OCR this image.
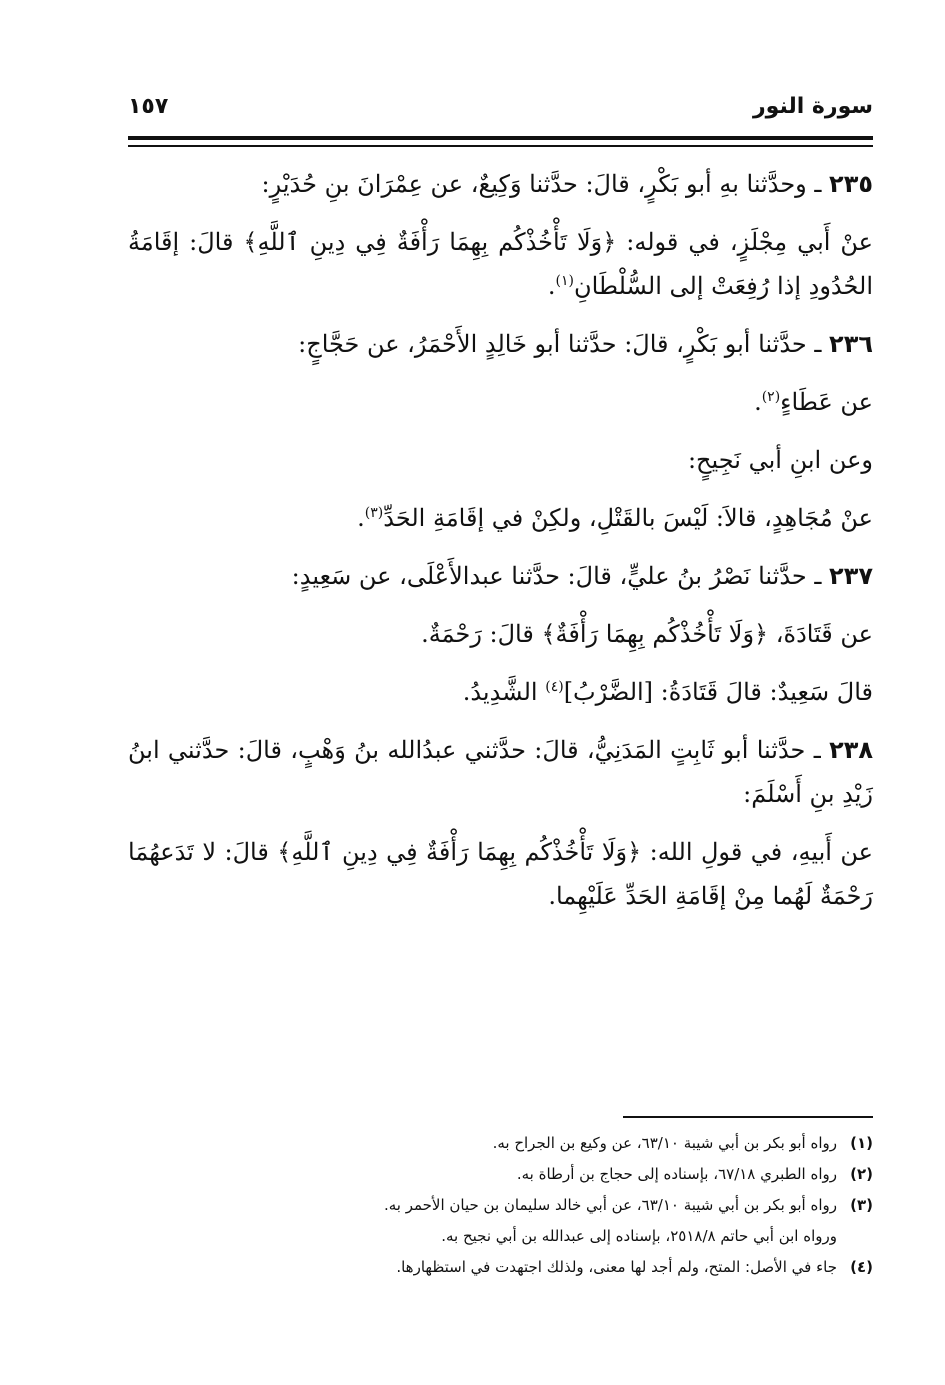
سورة النور
١٥٧

٢٣٥ ـ وحدَّثنا بهِ أبو بَكْرٍ، قالَ: حدَّثنا وَكِيعٌ، عن عِمْرَانَ بنِ حُدَيْرٍ:

عنْ أَبي مِجْلَزٍ، في قوله: ﴿وَلَا تَأْخُذْكُم بِهِمَا رَأْفَةٌ فِي دِينِ ٱللَّهِ﴾ قالَ: إقَامَةُ الحُدُودِ إذا رُفِعَتْ إلى السُّلْطَانِ$^{(١)}$.

٢٣٦ ـ حدَّثنا أبو بَكْرٍ، قالَ: حدَّثنا أبو خَالِدٍ الأَحْمَرُ، عن حَجَّاجٍ:

عن عَطَاءٍ$^{(٢)}$.

وعن ابنِ أبي نَجِيحٍ:

عنْ مُجَاهِدٍ، قالاَ: لَيْسَ بالقَتْلِ، ولكِنْ في إقَامَةِ الحَدِّ$^{(٣)}$.

٢٣٧ ـ حدَّثنا نَصْرُ بنُ عليٍّ، قالَ: حدَّثنا عبدالأَعْلَى، عن سَعِيدٍ:

عن قَتَادَةَ، ﴿وَلَا تَأْخُذْكُم بِهِمَا رَأْفَةٌ﴾ قالَ: رَحْمَةٌ.

قالَ سَعِيدٌ: قالَ قَتَادَةُ: [الضَّرْبُ]$^{(٤)}$ الشَّدِيدُ.

٢٣٨ ـ حدَّثنا أبو ثَابِتٍ المَدَنِيُّ، قالَ: حدَّثني عبدُالله بنُ وَهْبٍ، قالَ: حدَّثني ابنُ زَيْدِ بنِ أَسْلَمَ:

عن أَبيهِ، في قولِ الله: ﴿وَلَا تَأْخُذْكُم بِهِمَا رَأْفَةٌ فِي دِينِ ٱللَّهِ﴾ قالَ: لا تَدَعهُمَا رَحْمَةٌ لَهُما مِنْ إقَامَةِ الحَدِّ عَلَيْهِما.

(١)
رواه أبو بكر بن أبي شيبة ٦٣/١٠، عن وكيع بن الجراح به.
(٢)
رواه الطبري ٦٧/١٨، بإسناده إلى حجاج بن أرطاة به.
(٣)
رواه أبو بكر بن أبي شيبة ٦٣/١٠، عن أبي خالد سليمان بن حيان الأحمر به.
ورواه ابن أبي حاتم ٢٥١٨/٨، بإسناده إلى عبدالله بن أبي نجيح به.
(٤)
جاء في الأصل: المتح، ولم أجد لها معنى، ولذلك اجتهدت في استظهارها.
